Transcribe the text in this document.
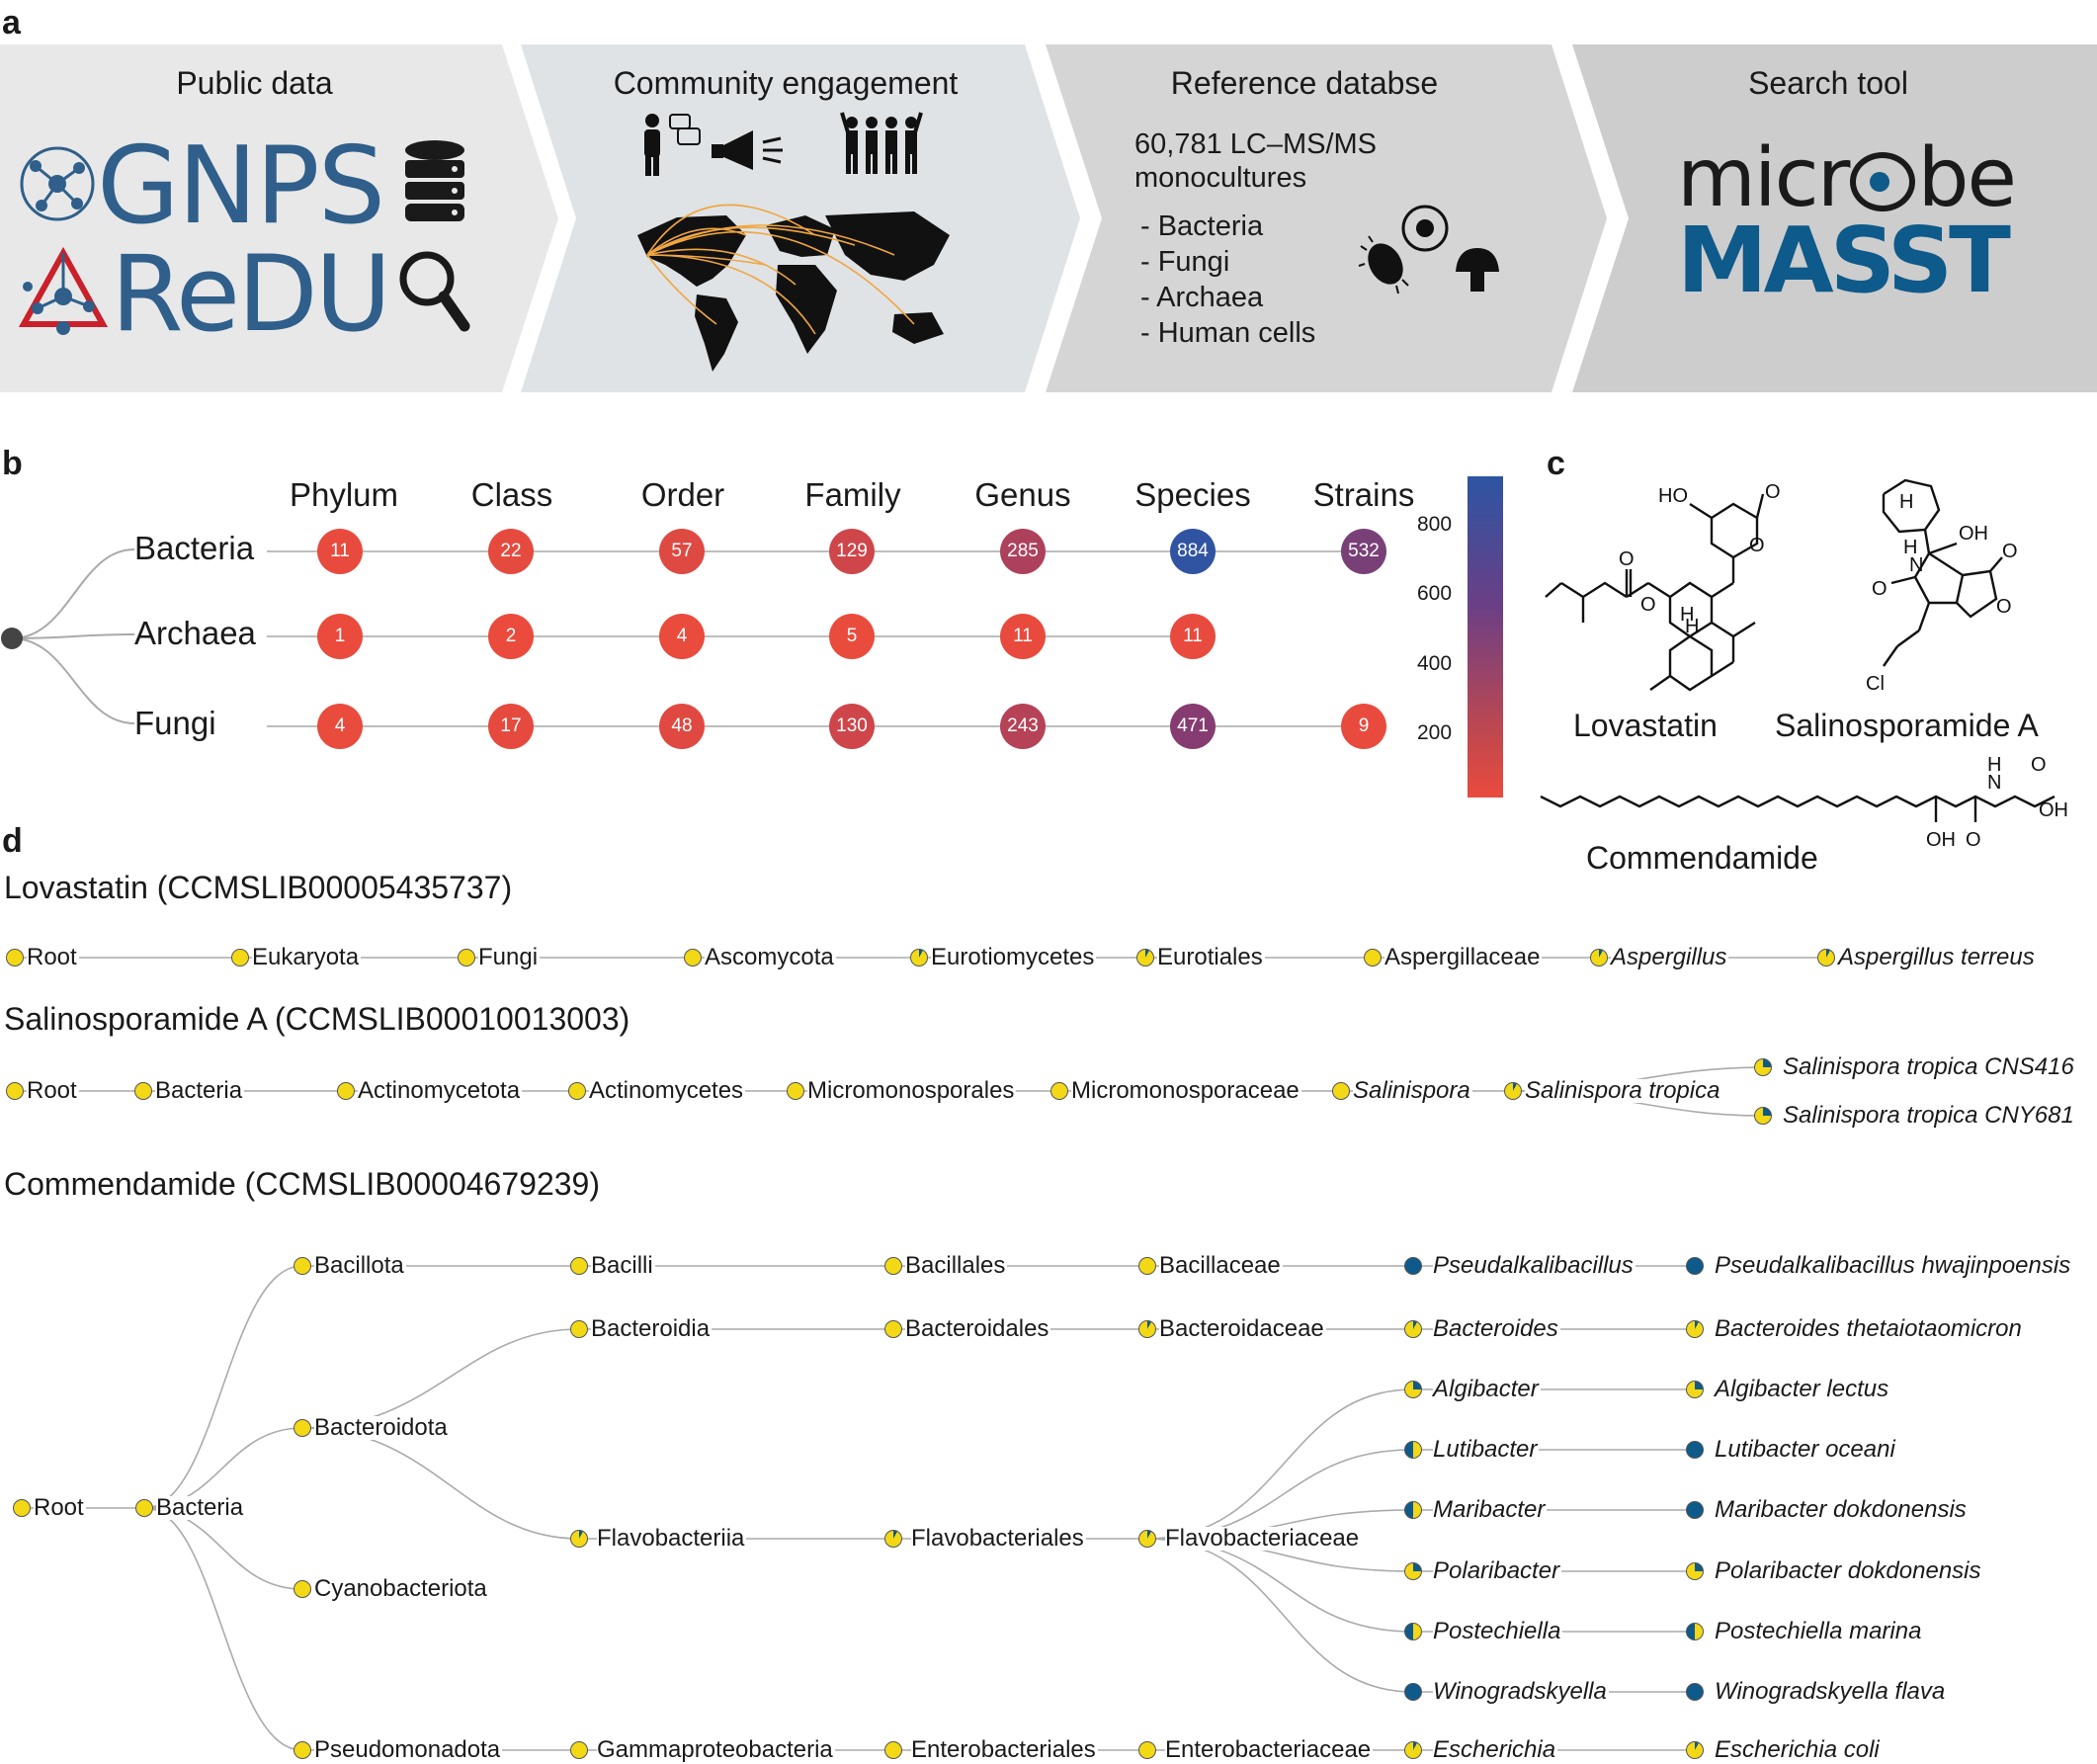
a
Public data
GNPS
ReDU
Community engagement	Reference databse
60,781 LC–MS/MS
monocultures
- Bacteria
- Fungi
- Archaea
- Human cells
Search tool
micr be
MASST
b
Phylum	Class	Order	Family	Genus	Species	Strains
Bacteria
Archaea
Fungi
11	22	57	129	285	884	532
1	2	4	5	11	11
4	17	48	130	243	471	9
800
600
400
200
c
HO	O
O
O
O H
H
H
OH
H
N
O
O
O
Cl
Lovastatin Salinosporamide A
OH O
N
H O
OH
Commendamide
d
Lovastatin (CCMSLIB00005435737)
Salinosporamide A (CCMSLIB00010013003)
Commendamide (CCMSLIB00004679239)
Root	Eukaryota	Fungi	Ascomycota	Eurotiomycetes	Eurotiales	Aspergillaceae	Aspergillus	Aspergillus terreus
Root	Bacteria	Actinomycetota	Actinomycetes	Micromonosporales Micromonosporaceae Salinispora Salinispora tropica
Salinispora tropica CNS416
Salinispora tropica CNY681
Root	Bacteria
Bacillota	Bacilli	Bacillales	Bacillaceae	Pseudalkalibacillus	Pseudalkalibacillus hwajinpoensis
Bacteroidia	Bacteroidales	Bacteroidaceae	Bacteroides	Bacteroides thetaiotaomicron
Bacteroidota
Flavobacteriia	Flavobacteriales	Flavobacteriaceae
Algibacter
Lutibacter
Maribacter
Polaribacter
Postechiella
Winogradskyella
Algibacter lectus
Lutibacter oceani
Maribacter dokdonensis
Polaribacter dokdonensis
Postechiella marina
Winogradskyella flava
Cyanobacteriota
Pseudomonadota	Gammaproteobacteria	Enterobacteriales	Enterobacteriaceae	Escherichia	Escherichia coli
